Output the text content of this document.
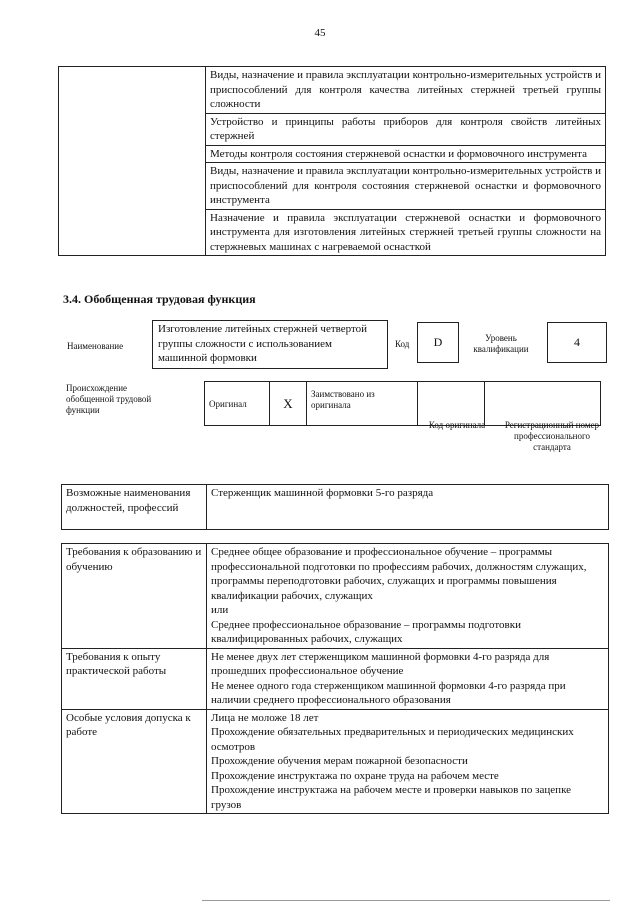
45
	Виды, назначение и правила эксплуатации контрольно-измерительных устройств и приспособлений для контроля качества литейных стержней третьей группы сложности
Устройство и принципы работы приборов для контроля свойств литейных стержней
Методы контроля состояния стержневой оснастки и формовочного инструмента
Виды, назначение и правила эксплуатации контрольно-измерительных устройств и приспособлений для контроля состояния стержневой оснастки и формовочного инструмента
Назначение и правила эксплуатации стержневой оснастки и формовочного инструмента для изготовления литейных стержней третьей группы сложности на стержневых машинах с нагреваемой оснасткой
3.4. Обобщенная трудовая функция
Наименование
Изготовление литейных стержней четвертой группы сложности с использованием машинной формовки
Код	D	Уровень квалификации	4
Происхождение обобщенной трудовой функции
Оригинал	X	Заимствовано из оригинала		
Код оригинала	Регистрационный номер профессионального стандарта
Возможные наименования должностей, профессий	Стерженщик машинной формовки 5-го разряда
Требования к образованию и обучению	Среднее общее образование и профессиональное обучение – программы профессиональной подготовки по профессиям рабочих, должностям служащих, программы переподготовки рабочих, служащих и программы повышения квалификации рабочих, служащих
или
Среднее профессиональное образование – программы подготовки квалифицированных рабочих, служащих

Требования к опыту практической работы	Не менее двух лет стерженщиком машинной формовки 4-го разряда для прошедших профессиональное обучение
Не менее одного года стерженщиком машинной формовки 4-го разряда при наличии среднего профессионального образования

Особые условия допуска к работе	Лица не моложе 18 лет
Прохождение обязательных предварительных и периодических медицинских осмотров
Прохождение обучения мерам пожарной безопасности
Прохождение инструктажа по охране труда на рабочем месте
Прохождение инструктажа на рабочем месте и проверки навыков по зацепке грузов
